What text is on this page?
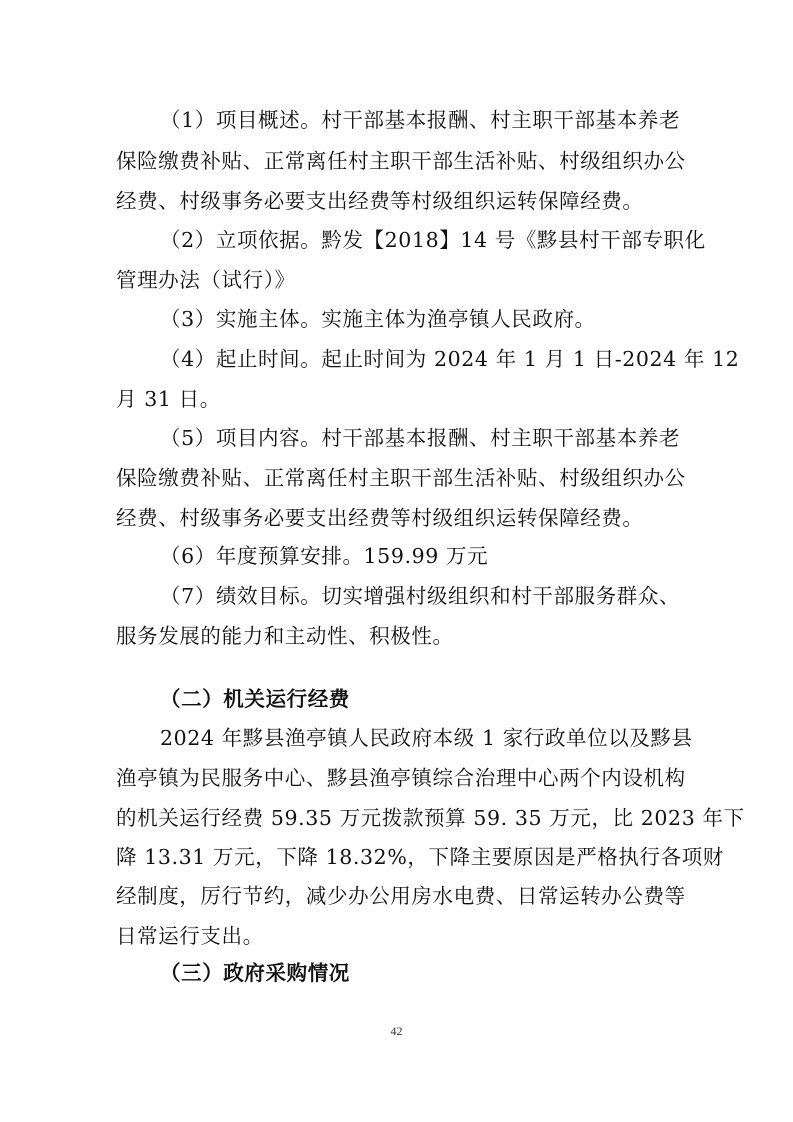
（1）项目概述。村干部基本报酬、村主职干部基本养老
保险缴费补贴、正常离任村主职干部生活补贴、村级组织办公
经费、村级事务必要支出经费等村级组织运转保障经费。
（2）立项依据。黔发【2018】14 号《黟县村干部专职化
管理办法（试行）》
（3）实施主体。实施主体为渔亭镇人民政府。
（4）起止时间。起止时间为 2024 年 1 月 1 日-2024 年 12
月 31 日。
（5）项目内容。村干部基本报酬、村主职干部基本养老
保险缴费补贴、正常离任村主职干部生活补贴、村级组织办公
经费、村级事务必要支出经费等村级组织运转保障经费。
（6）年度预算安排。159.99 万元
（7）绩效目标。切实增强村级组织和村干部服务群众、
服务发展的能力和主动性、积极性。
（二）机关运行经费
2024 年黟县渔亭镇人民政府本级 1 家行政单位以及黟县
渔亭镇为民服务中心、黟县渔亭镇综合治理中心两个内设机构
的机关运行经费 59.35 万元拨款预算 59. 35 万元，比 2023 年下
降 13.31 万元，下降 18.32%，下降主要原因是严格执行各项财
经制度，厉行节约，减少办公用房水电费、日常运转办公费等
日常运行支出。
（三）政府采购情况
42
